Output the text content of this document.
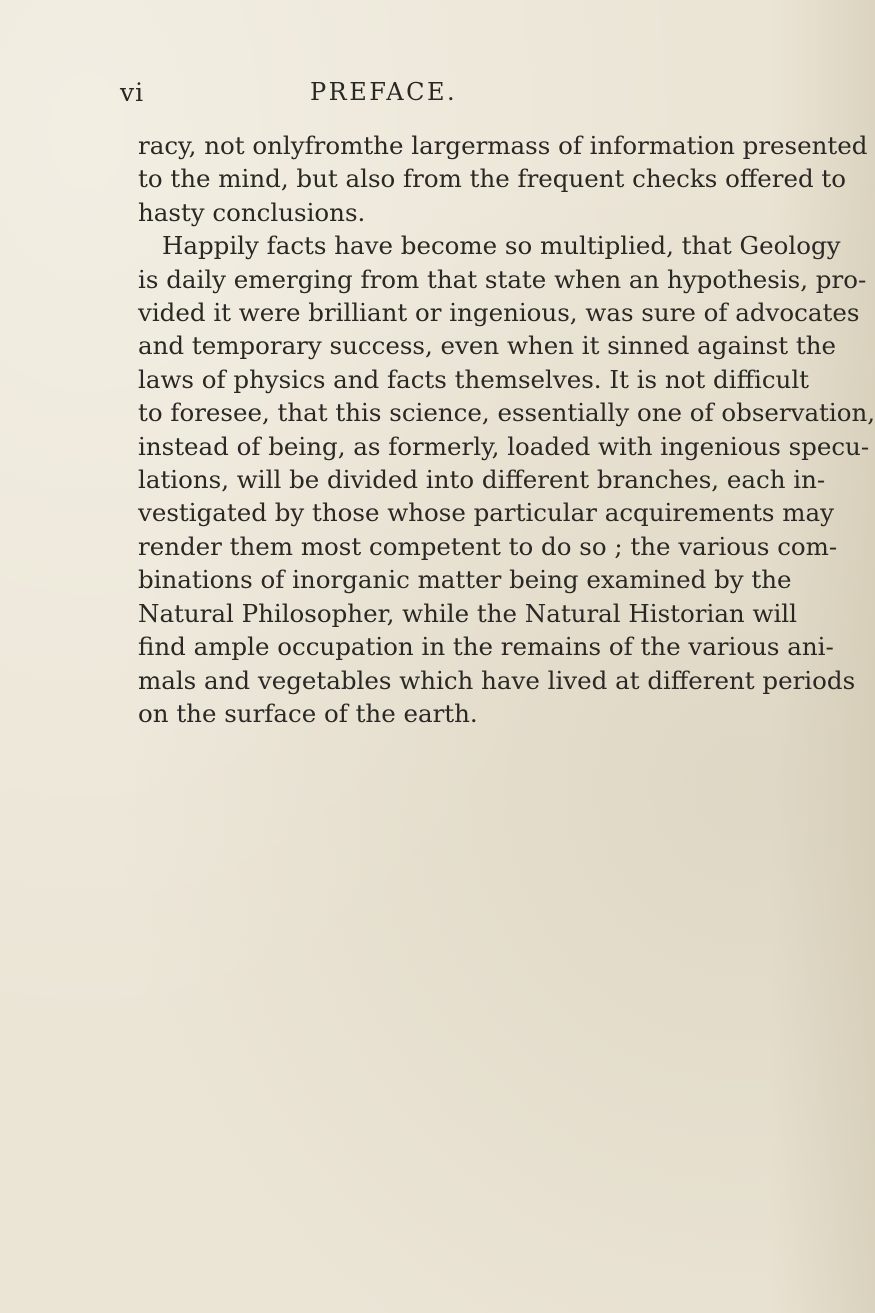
vi	PREFACE.
racy, not onlyfromthe largermass of information presented
to the mind, but also from the frequent checks offered to
hasty conclusions.
Happily facts have become so multiplied, that Geology
is daily emerging from that state when an hypothesis, pro-
vided it were brilliant or ingenious, was sure of advocates
and temporary success, even when it sinned against the
laws of physics and facts themselves. It is not difficult
to foresee, that this science, essentially one of observation,
instead of being, as formerly, loaded with ingenious specu-
lations, will be divided into different branches, each in-
vestigated by those whose particular acquirements may
render them most competent to do so ; the various com-
binations of inorganic matter being examined by the
Natural Philosopher, while the Natural Historian will
find ample occupation in the remains of the various ani-
mals and vegetables which have lived at different periods
on the surface of the earth.
